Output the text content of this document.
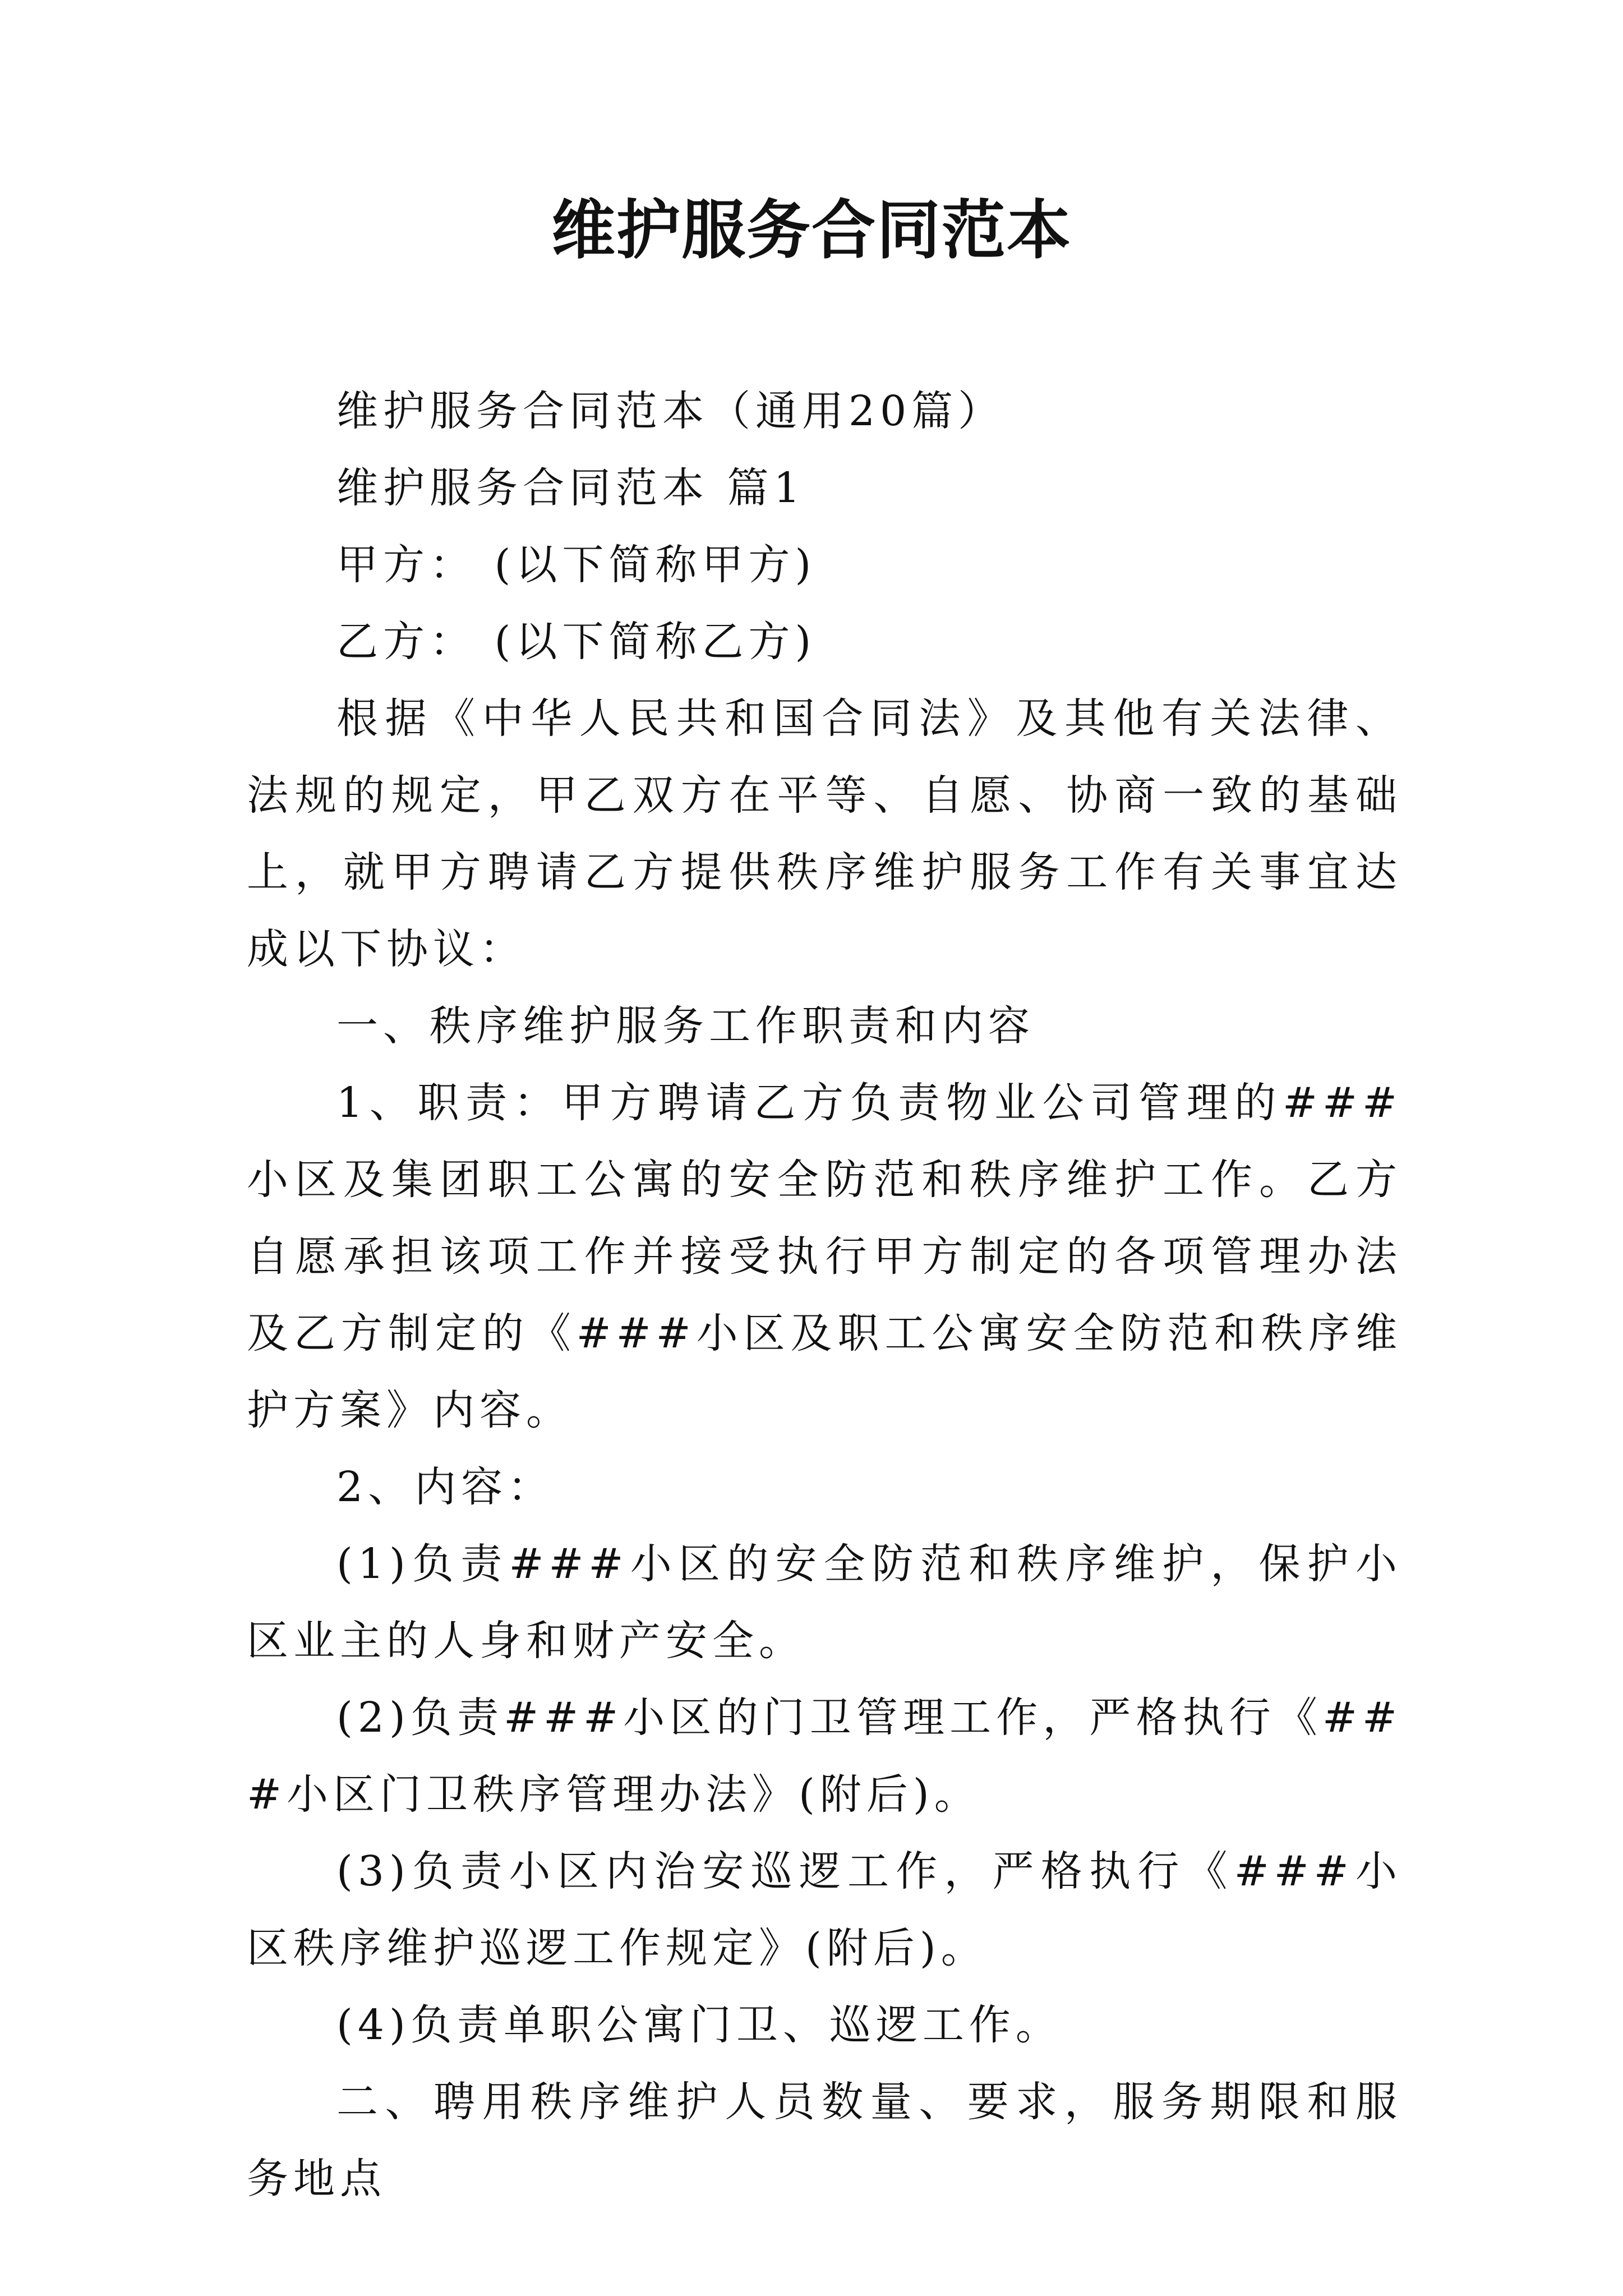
维护服务合同范本

维护服务合同范本（通用20篇）

维护服务合同范本 篇1

甲方： (以下简称甲方)

乙方： (以下简称乙方)

根据《中华人民共和国合同法》及其他有关法律、法规的规定，甲乙双方在平等、自愿、协商一致的基础上，就甲方聘请乙方提供秩序维护服务工作有关事宜达成以下协议：

一、秩序维护服务工作职责和内容

1、职责：甲方聘请乙方负责物业公司管理的###小区及集团职工公寓的安全防范和秩序维护工作。乙方自愿承担该项工作并接受执行甲方制定的各项管理办法及乙方制定的《###小区及职工公寓安全防范和秩序维护方案》内容。

2、内容：

(1)负责###小区的安全防范和秩序维护，保护小区业主的人身和财产安全。

(2)负责###小区的门卫管理工作，严格执行《###小区门卫秩序管理办法》(附后)。

(3)负责小区内治安巡逻工作，严格执行《###小区秩序维护巡逻工作规定》(附后)。

(4)负责单职公寓门卫、巡逻工作。

二、聘用秩序维护人员数量、要求，服务期限和服务地点
